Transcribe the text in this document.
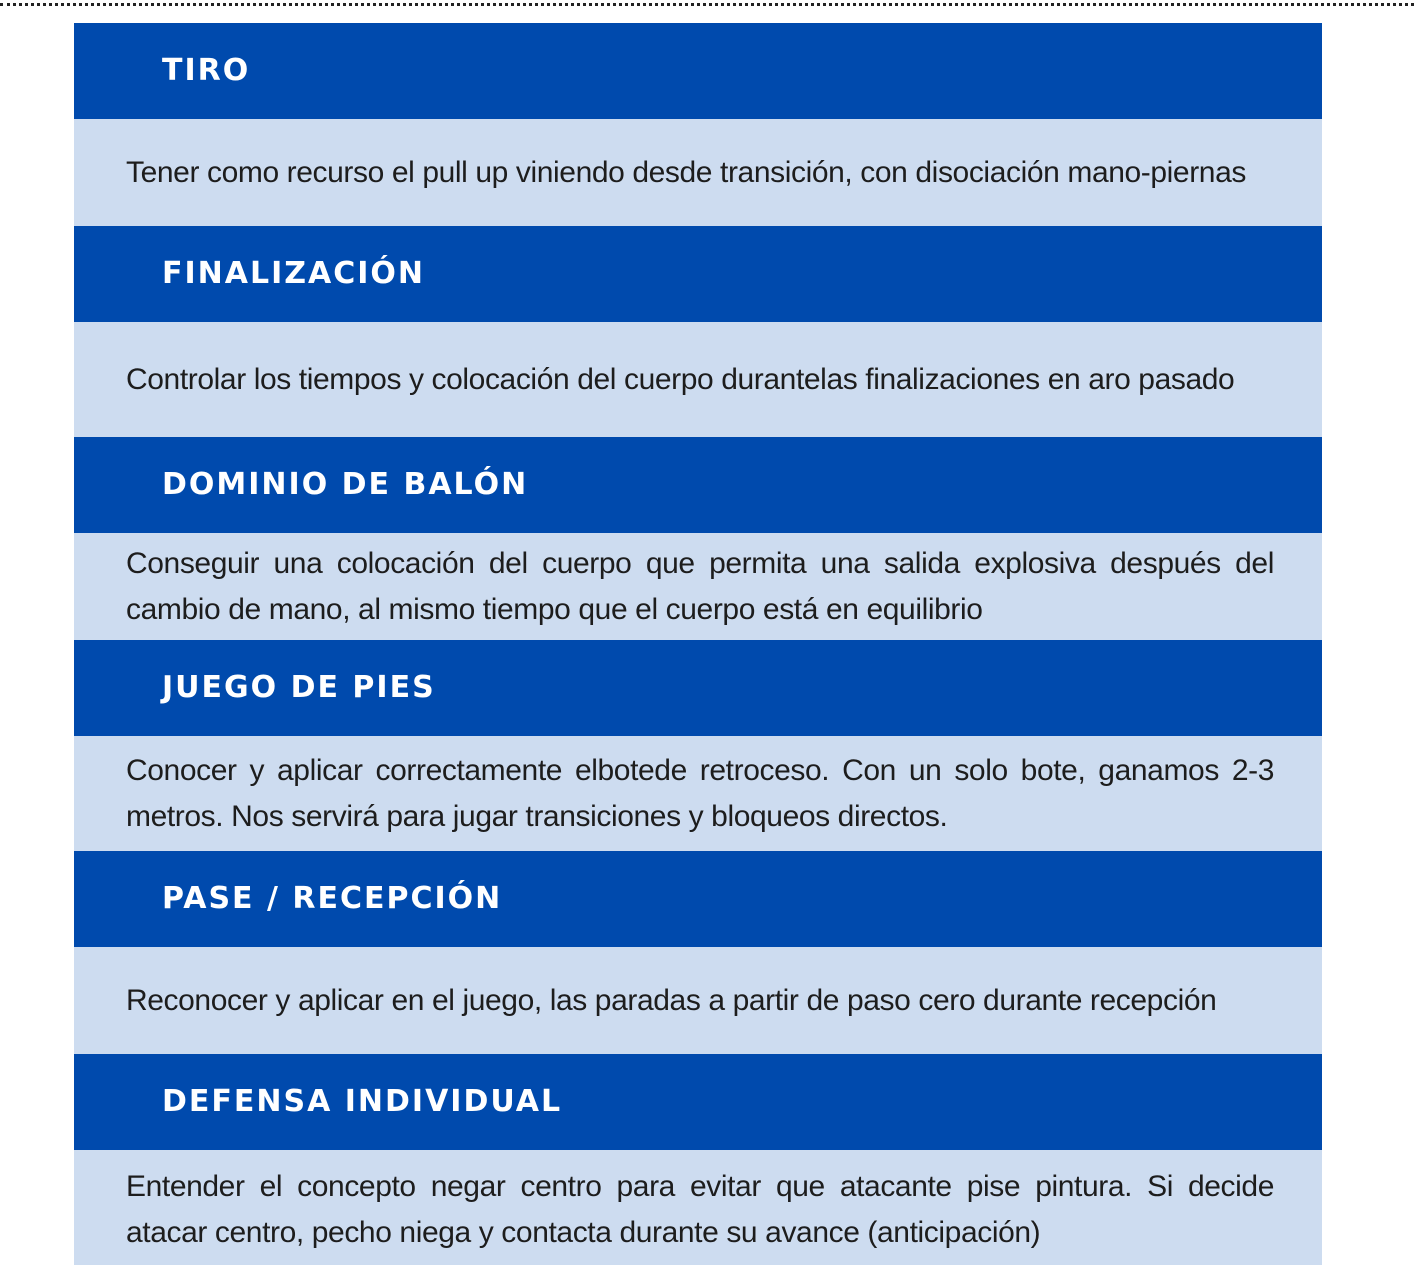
TIRO
Tener como recurso el pull up viniendo desde transición, con disociación mano-piernas
FINALIZACIÓN
Controlar los tiempos y colocación del cuerpo durantelas finalizaciones en aro pasado
DOMINIO DE BALÓN
Conseguir una colocación del cuerpo que permita una salida explosiva después del cambio de mano, al mismo tiempo que el cuerpo está en equilibrio
JUEGO DE PIES
Conocer y aplicar correctamente elbotede retroceso. Con un solo bote, ganamos 2-3 metros. Nos servirá para jugar transiciones y bloqueos directos.
PASE / RECEPCIÓN
Reconocer y aplicar en el juego, las paradas a partir de paso cero durante recepción
DEFENSA INDIVIDUAL
Entender el concepto negar centro para evitar que atacante pise pintura. Si decide atacar centro, pecho niega y contacta durante su avance (anticipación)
